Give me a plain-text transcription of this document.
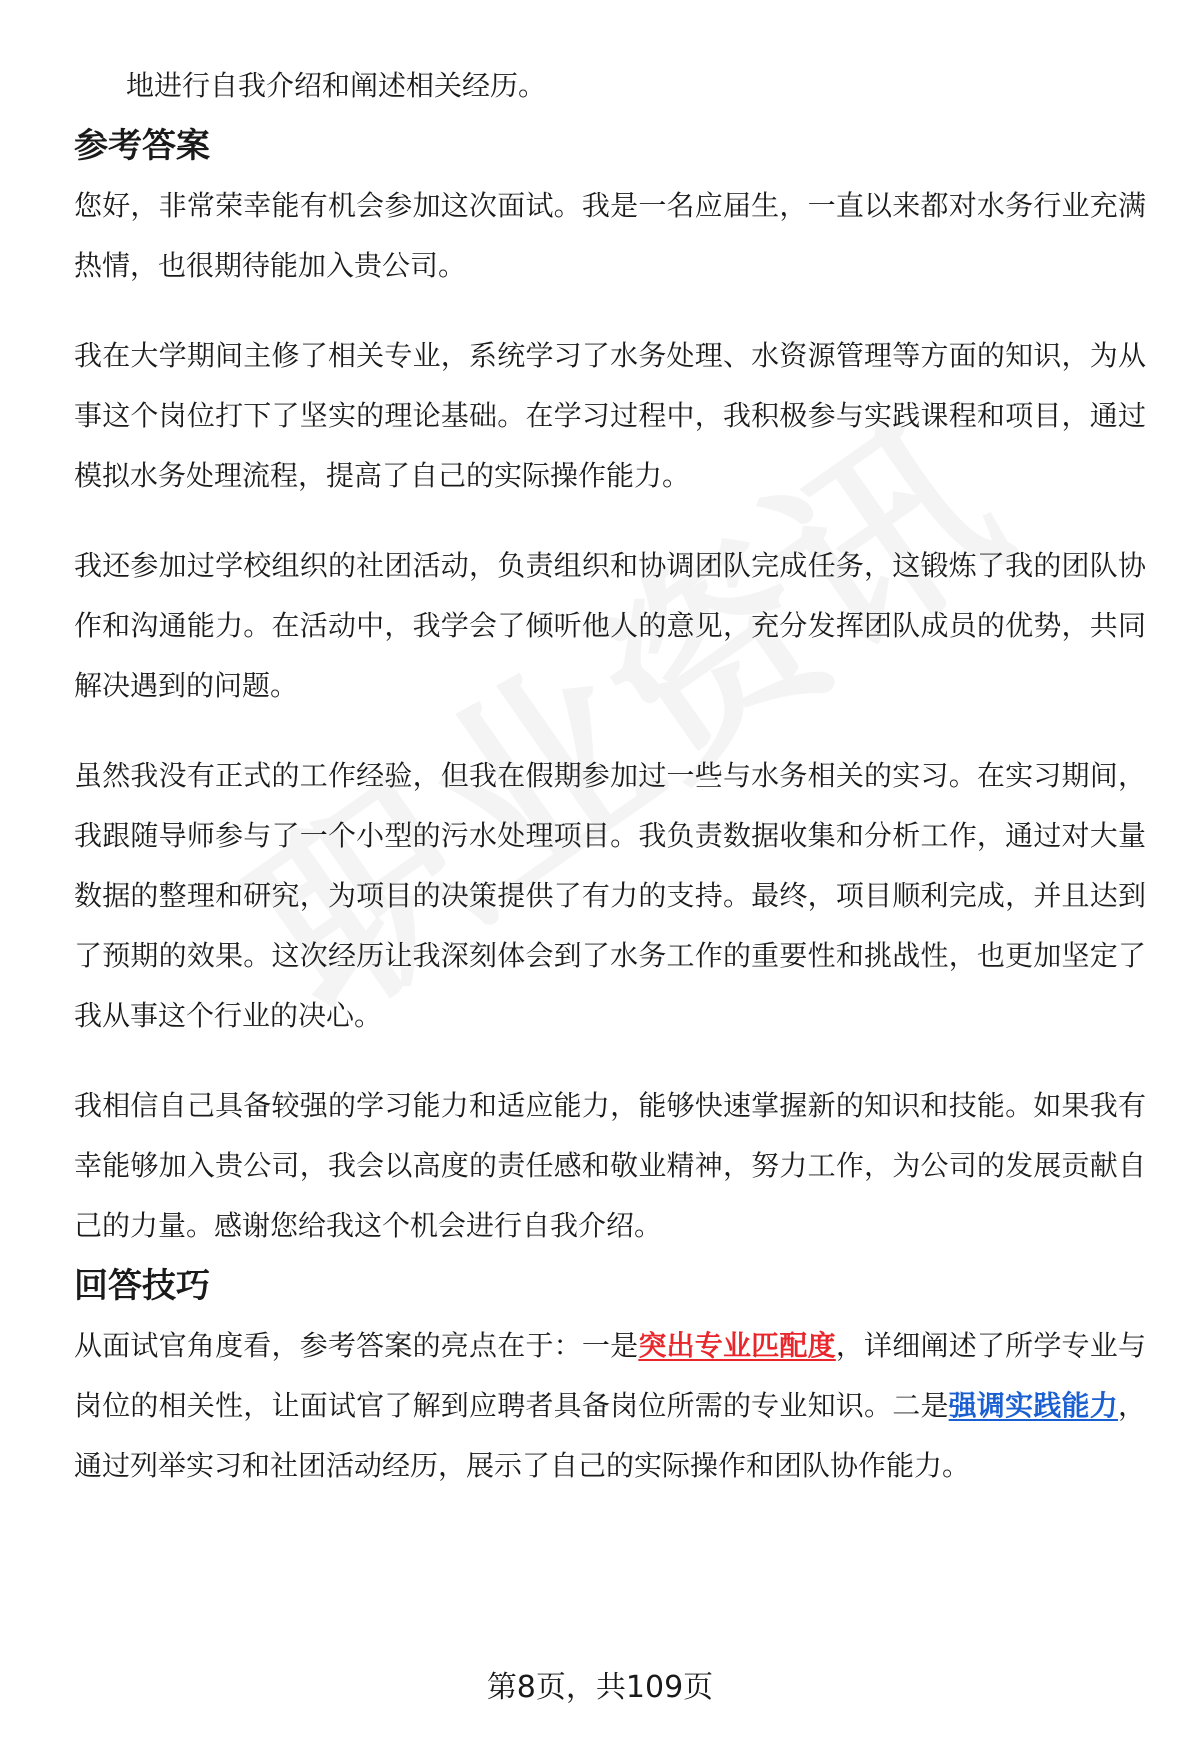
地进行自我介绍和阐述相关经历。

参考答案

您好，非常荣幸能有机会参加这次面试。我是一名应届生，一直以来都对水务行业充满热情，也很期待能加入贵公司。

我在大学期间主修了相关专业，系统学习了水务处理、水资源管理等方面的知识，为从事这个岗位打下了坚实的理论基础。在学习过程中，我积极参与实践课程和项目，通过模拟水务处理流程，提高了自己的实际操作能力。

我还参加过学校组织的社团活动，负责组织和协调团队完成任务，这锻炼了我的团队协作和沟通能力。在活动中，我学会了倾听他人的意见，充分发挥团队成员的优势，共同解决遇到的问题。

虽然我没有正式的工作经验，但我在假期参加过一些与水务相关的实习。在实习期间，我跟随导师参与了一个小型的污水处理项目。我负责数据收集和分析工作，通过对大量数据的整理和研究，为项目的决策提供了有力的支持。最终，项目顺利完成，并且达到了预期的效果。这次经历让我深刻体会到了水务工作的重要性和挑战性，也更加坚定了我从事这个行业的决心。

我相信自己具备较强的学习能力和适应能力，能够快速掌握新的知识和技能。如果我有幸能够加入贵公司，我会以高度的责任感和敬业精神，努力工作，为公司的发展贡献自己的力量。感谢您给我这个机会进行自我介绍。

回答技巧

从面试官角度看，参考答案的亮点在于：一是突出专业匹配度，详细阐述了所学专业与岗位的相关性，让面试官了解到应聘者具备岗位所需的专业知识。二是强调实践能力，通过列举实习和社团活动经历，展示了自己的实际操作和团队协作能力。

第8页，共109页
